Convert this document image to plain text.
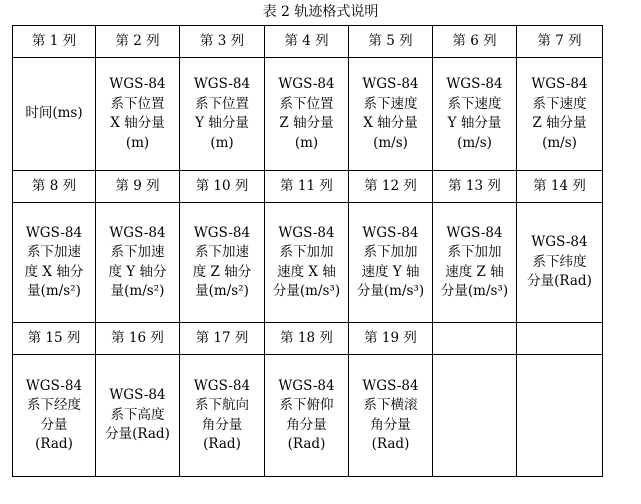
表 2 轨迹格式说明
第 1 列	第 2 列	第 3 列	第 4 列	第 5 列	第 6 列	第 7 列
时间(ms)	WGS-84
系下位置
X 轴分量
(m)	WGS-84
系下位置
Y 轴分量
(m)	WGS-84
系下位置
Z 轴分量
(m)	WGS-84
系下速度
X 轴分量
(m/s)	WGS-84
系下速度
Y 轴分量
(m/s)	WGS-84
系下速度
Z 轴分量
(m/s)
第 8 列	第 9 列	第 10 列	第 11 列	第 12 列	第 13 列	第 14 列
WGS-84
系下加速
度 X 轴分
量(m/s²)	WGS-84
系下加速
度 Y 轴分
量(m/s²)	WGS-84
系下加速
度 Z 轴分
量(m/s²)	WGS-84
系下加加
速度 X 轴
分量(m/s³)	WGS-84
系下加加
速度 Y 轴
分量(m/s³)	WGS-84
系下加加
速度 Z 轴
分量(m/s³)	WGS-84
系下纬度
分量(Rad)
第 15 列	第 16 列	第 17 列	第 18 列	第 19 列		
WGS-84
系下经度
分量
(Rad)	WGS-84
系下高度
分量(Rad)	WGS-84
系下航向
角分量
(Rad)	WGS-84
系下俯仰
角分量
(Rad)	WGS-84
系下横滚
角分量
(Rad)		
